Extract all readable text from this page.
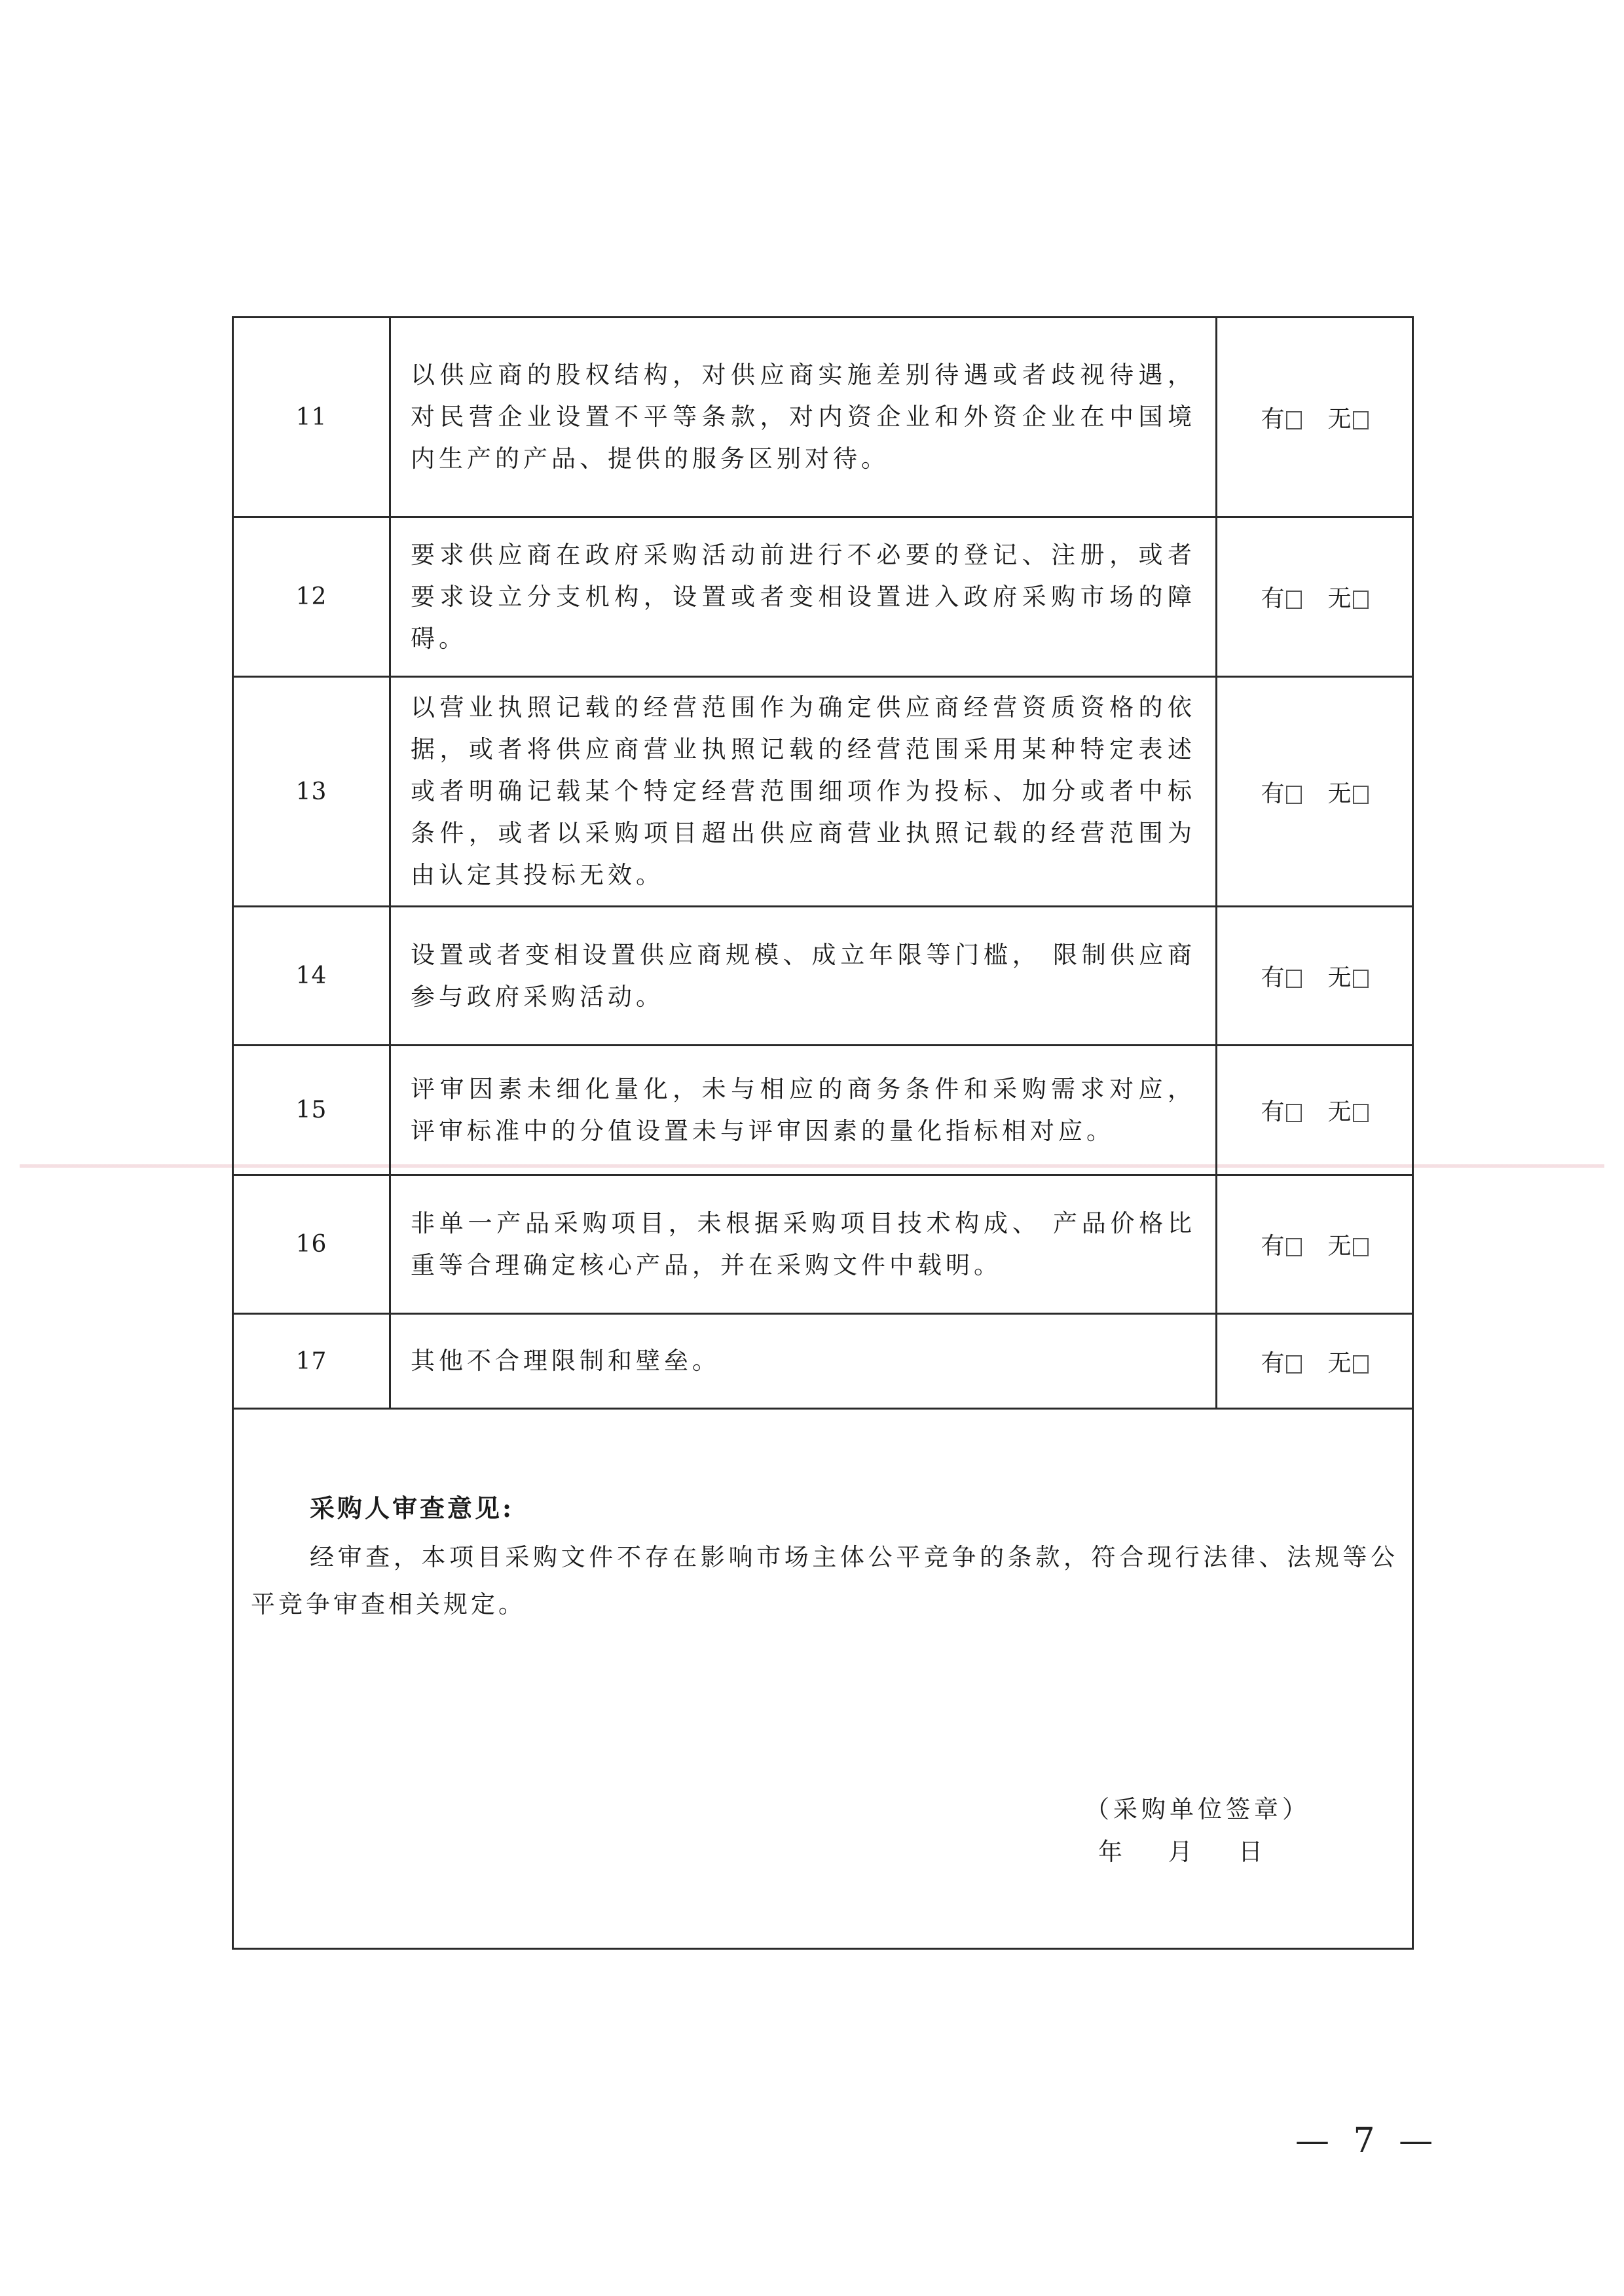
11	以供应商的股权结构，对供应商实施差别待遇或者歧视待遇，对民营企业设置不平等条款，对内资企业和外资企业在中国境内生产的产品、提供的服务区别对待。	有 无
12	要求供应商在政府采购活动前进行不必要的登记、注册，或者要求设立分支机构，设置或者变相设置进入政府采购市场的障碍。	有 无
13	以营业执照记载的经营范围作为确定供应商经营资质资格的依据，或者将供应商营业执照记载的经营范围采用某种特定表述或者明确记载某个特定经营范围细项作为投标、加分或者中标条件，或者以采购项目超出供应商营业执照记载的经营范围为由认定其投标无效。	有 无
14	设置或者变相设置供应商规模、成立年限等门槛， 限制供应商参与政府采购活动。	有 无
15	评审因素未细化量化，未与相应的商务条件和采购需求对应，评审标准中的分值设置未与评审因素的量化指标相对应。	有 无
16	非单一产品采购项目，未根据采购项目技术构成、 产品价格比重等合理确定核心产品，并在采购文件中载明。	有 无
17	其他不合理限制和壁垒。	有 无

采购人审查意见:
经审查，本项目采购文件不存在影响市场主体公平竞争的条款，符合现行法律、法规等公平竞争审查相关规定。
（采购单位签章）
年 月 日		
— 7 —
